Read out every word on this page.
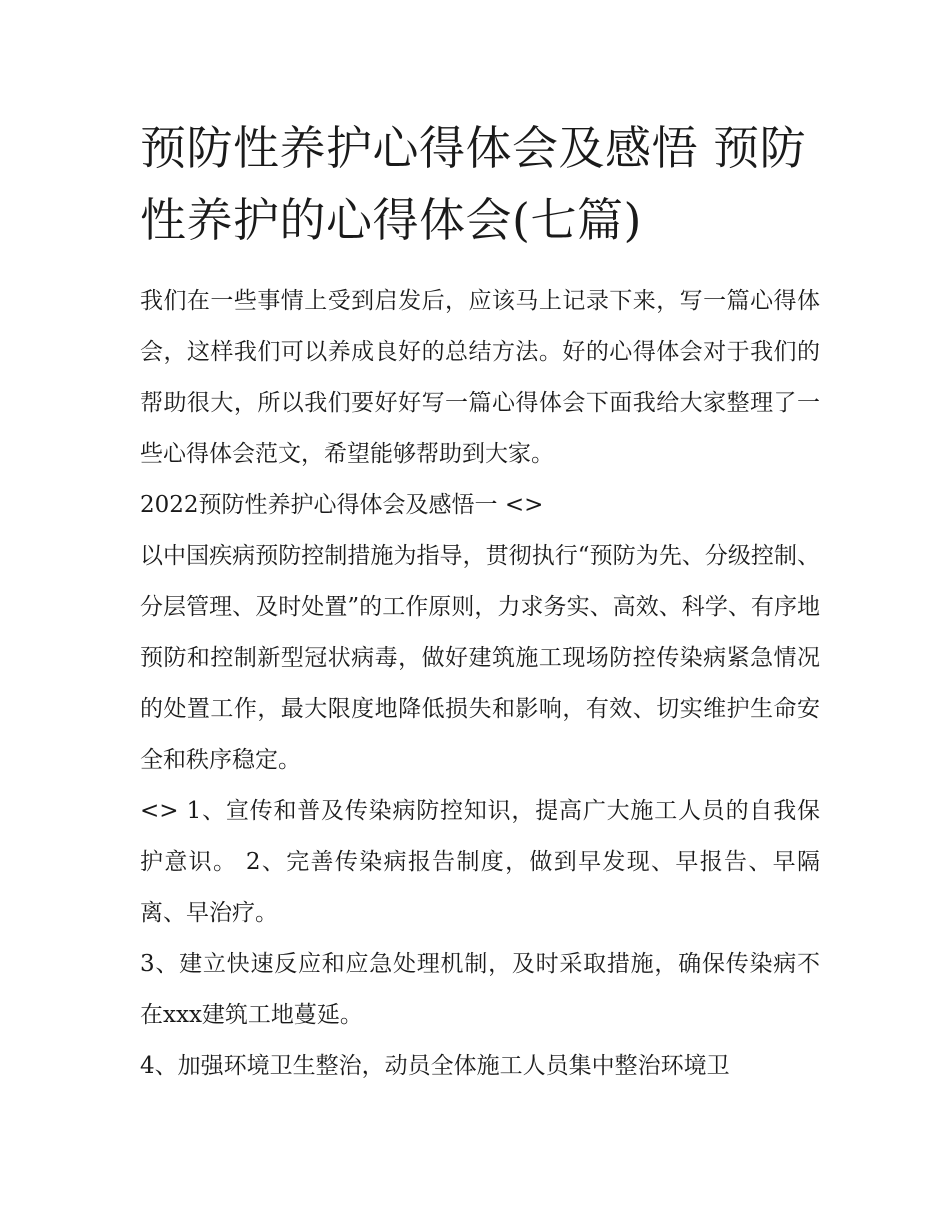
预防性养护心得体会及感悟 预防性养护的心得体会(七篇)

我们在一些事情上受到启发后，应该马上记录下来，写一篇心得体会，这样我们可以养成良好的总结方法。好的心得体会对于我们的帮助很大，所以我们要好好写一篇心得体会下面我给大家整理了一些心得体会范文，希望能够帮助到大家。

2022预防性养护心得体会及感悟一 <>

以中国疾病预防控制措施为指导，贯彻执行“预防为先、分级控制、分层管理、及时处置”的工作原则，力求务实、高效、科学、有序地预防和控制新型冠状病毒，做好建筑施工现场防控传染病紧急情况的处置工作，最大限度地降低损失和影响，有效、切实维护生命安全和秩序稳定。

<> 1、宣传和普及传染病防控知识，提高广大施工人员的自我保护意识。 2、完善传染病报告制度，做到早发现、早报告、早隔离、早治疗。

3、建立快速反应和应急处理机制，及时采取措施，确保传染病不在xxx建筑工地蔓延。

4、加强环境卫生整治，动员全体施工人员集中整治环境卫
